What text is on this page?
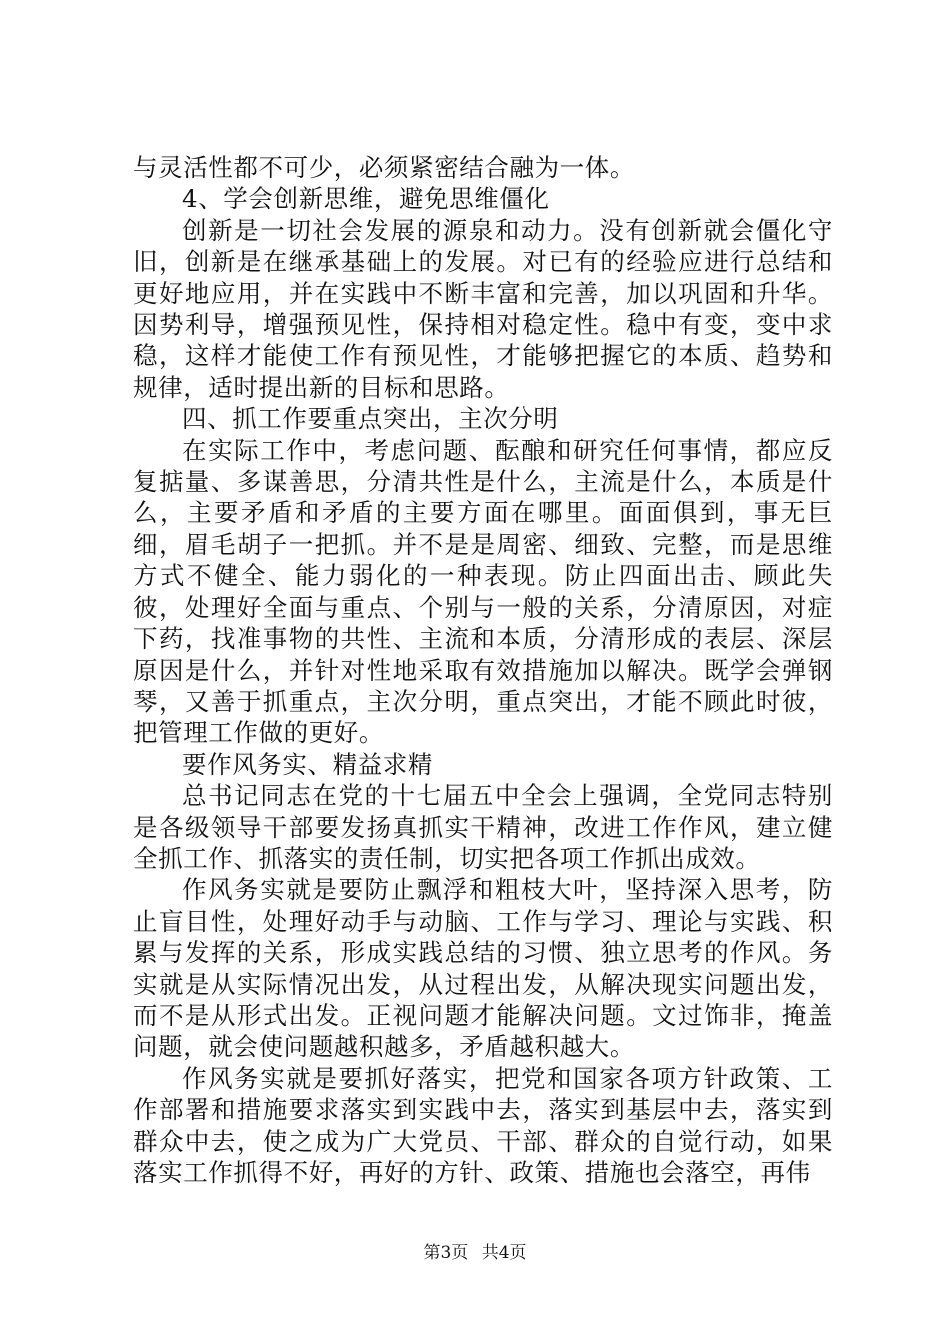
与灵活性都不可少，必须紧密结合融为一体。

4、学会创新思维，避免思维僵化

创新是一切社会发展的源泉和动力。没有创新就会僵化守旧，创新是在继承基础上的发展。对已有的经验应进行总结和更好地应用，并在实践中不断丰富和完善，加以巩固和升华。因势利导，增强预见性，保持相对稳定性。稳中有变，变中求稳，这样才能使工作有预见性，才能够把握它的本质、趋势和规律，适时提出新的目标和思路。

四、抓工作要重点突出，主次分明

在实际工作中，考虑问题、酝酿和研究任何事情，都应反复掂量、多谋善思，分清共性是什么，主流是什么，本质是什么，主要矛盾和矛盾的主要方面在哪里。面面俱到，事无巨细，眉毛胡子一把抓。并不是是周密、细致、完整，而是思维方式不健全、能力弱化的一种表现。防止四面出击、顾此失彼，处理好全面与重点、个别与一般的关系，分清原因，对症下药，找准事物的共性、主流和本质，分清形成的表层、深层原因是什么，并针对性地采取有效措施加以解决。既学会弹钢琴，又善于抓重点，主次分明，重点突出，才能不顾此时彼，把管理工作做的更好。

要作风务实、精益求精

总书记同志在党的十七届五中全会上强调，全党同志特别是各级领导干部要发扬真抓实干精神，改进工作作风，建立健全抓工作、抓落实的责任制，切实把各项工作抓出成效。

作风务实就是要防止飘浮和粗枝大叶，坚持深入思考，防止盲目性，处理好动手与动脑、工作与学习、理论与实践、积累与发挥的关系，形成实践总结的习惯、独立思考的作风。务实就是从实际情况出发，从过程出发，从解决现实问题出发，而不是从形式出发。正视问题才能解决问题。文过饰非，掩盖问题，就会使问题越积越多，矛盾越积越大。

作风务实就是要抓好落实，把党和国家各项方针政策、工作部署和措施要求落实到实践中去，落实到基层中去，落实到群众中去，使之成为广大党员、干部、群众的自觉行动，如果落实工作抓得不好，再好的方针、政策、措施也会落空，再伟

第3页 共4页
